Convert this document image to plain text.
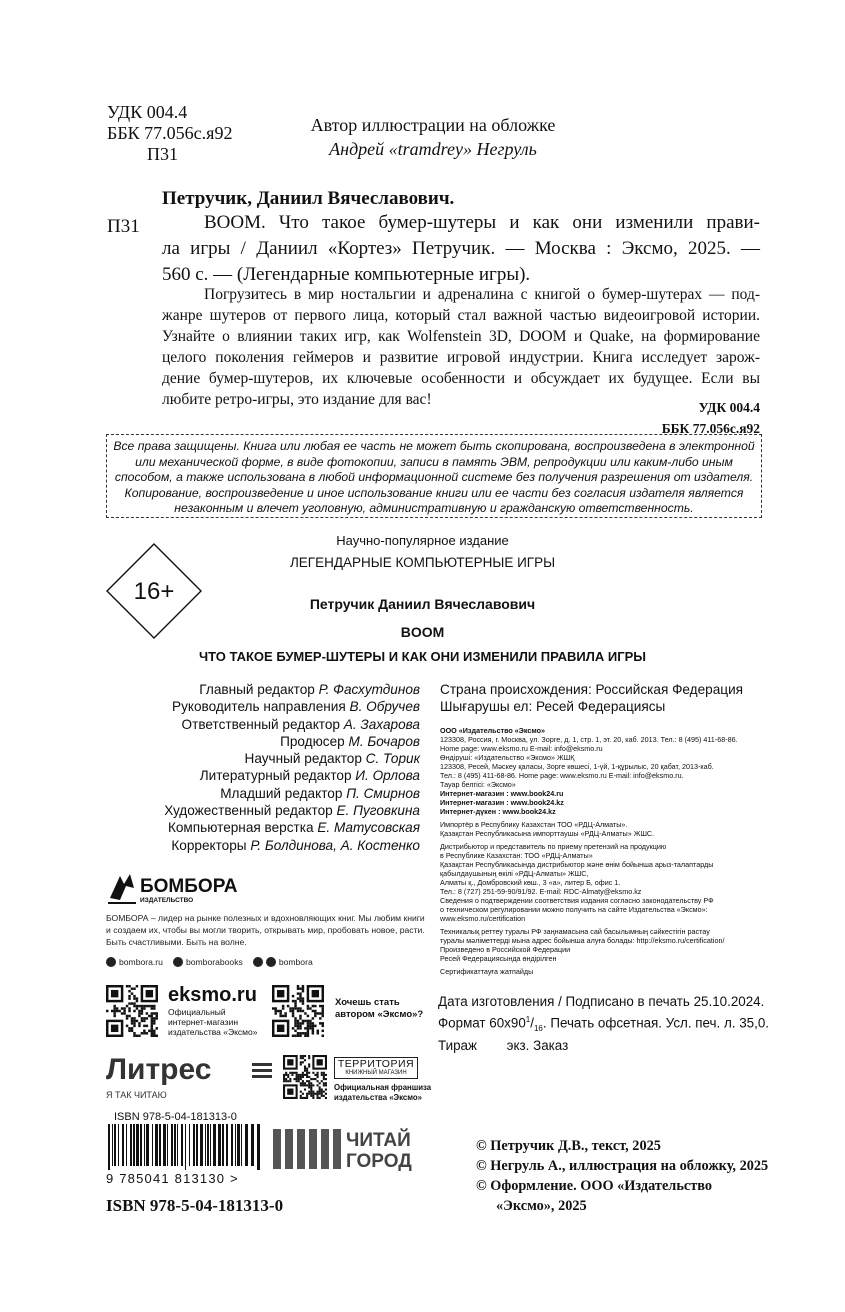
УДК 004.4
ББК 77.056с.я92
П31
Автор иллюстрации на обложке
Андрей «tramdrey» Негруль
Петручик, Даниил Вячеславович.
П31	BOOM. Что такое бумер-шутеры и как они изменили прави-
ла игры / Даниил «Кортез» Петручик. — Москва : Эксмо, 2025. —
560 с. — (Легендарные компьютерные игры).
Погрузитесь в мир ностальгии и адреналина с книгой о бумер-шутерах — под-
жанре шутеров от первого лица, который стал важной частью видеоигровой истории.
Узнайте о влиянии таких игр, как Wolfenstein 3D, DOOM и Quake, на формирование
целого поколения геймеров и развитие игровой индустрии. Книга исследует зарож-
дение бумер-шутеров, их ключевые особенности и обсуждает их будущее. Если вы
любите ретро-игры, это издание для вас!	УДК 004.4
ББК 77.056с.я92
Все права защищены. Книга или любая ее часть не может быть скопирована, воспроизведена в электронной или механической форме, в виде фотокопии, записи в память ЭВМ, репродукции или каким-либо иным способом, а также использована в любой информационной системе без получения разрешения от издателя. Копирование, воспроизведение и иное использование книги или ее части без согласия издателя является незаконным и влечет уголовную, административную и гражданскую ответственность.
16+
Научно-популярное издание
ЛЕГЕНДАРНЫЕ КОМПЬЮТЕРНЫЕ ИГРЫ
Петручик Даниил Вячеславович
BOOM
ЧТО ТАКОЕ БУМЕР-ШУТЕРЫ И КАК ОНИ ИЗМЕНИЛИ ПРАВИЛА ИГРЫ
Главный редактор Р. Фасхутдинов
Руководитель направления В. Обручев
Ответственный редактор А. Захарова
Продюсер М. Бочаров
Научный редактор С. Торик
Литературный редактор И. Орлова
Младший редактор П. Смирнов
Художественный редактор Е. Пуговкина
Компьютерная верстка Е. Матусовская
Корректоры Р. Болдинова, А. Костенко
Страна происхождения: Российская Федерация
Шығарушы ел: Ресей Федерациясы
ООО «Издательство «Эксмо»
123308, Россия, г. Москва, ул. Зорге, д. 1, стр. 1, эт. 20, каб. 2013. Тел.: 8 (495) 411-68-86.
Home page: www.eksmo.ru E-mail: info@eksmo.ru
Өндіруші: «Издательство «Эксмо» ЖШҚ
123308, Ресей, Мәскеу қаласы, Зорге көшесі, 1-үй, 1-құрылыс, 20 қабат, 2013-каб.
Тел.: 8 (495) 411-68-86. Home page: www.eksmo.ru E-mail: info@eksmo.ru.
Тауар белгісі: «Эксмо»
Интернет-магазин : www.book24.ru
Интернет-магазин : www.book24.kz
Интернет-дүкен : www.book24.kz
Импортёр в Республику Казахстан ТОО «РДЦ-Алматы».
Қазақстан Республикасына импорттаушы «РДЦ-Алматы» ЖШС.
Дистрибьютор и представитель по приему претензий на продукцию
в Республике Казахстан: ТОО «РДЦ-Алматы»
Қазақстан Республикасында дистрибьютор және өнім бойынша арыз-талаптарды
қабылдаушының өкілі «РДЦ-Алматы» ЖШС,
Алматы қ., Домбровский көш., 3 «а», литер Б, офис 1.
Тел.: 8 (727) 251-59-90/91/92. E-mail: RDC-Almaty@eksmo.kz
Сведения о подтверждении соответствия издания согласно законодательству РФ
о техническом регулировании можно получить на сайте Издательства «Эксмо»:
www.eksmo.ru/certification
Техникалық реттеу туралы РФ заңнамасына сай басылымның сәйкестігін растау
туралы мәліметтерді мына адрес бойынша алуға болады: http://eksmo.ru/certification/
Произведено в Российской Федерации
Ресей Федерациясында өндірілген
Сертификаттауға жатпайды
БОМБОРА
ИЗДАТЕЛЬСТВО
БОМБОРА – лидер на рынке полезных и вдохновляющих книг. Мы любим книги и создаем их, чтобы вы могли творить, открывать мир, пробовать новое, расти. Быть счастливыми. Быть на волне.
bombora.ru	bomborabooks	bombora
eksmo.ru
Официальный
интернет-магазин
издательства «Эксмо»
Хочешь стать
автором «Эксмо»?
Дата изготовления / Подписано в печать 25.10.2024.
Формат $60х90^1/_{16}$. Печать офсетная. Усл. печ. л. 35,0.
Тираж        экз. Заказ
Литрес
Я ТАК ЧИТАЮ
ТЕРРИТОРИЯ
КНИЖНЫЙ МАГАЗИН
Официальная франшиза
издательства «Эксмо»
ISBN 978-5-04-181313-0
9 785041 813130 >
ISBN 978-5-04-181313-0
ЧИТАЙ
ГОРОД
© Петручик Д.В., текст, 2025
© Негруль А., иллюстрация на обложку, 2025
© Оформление. ООО «Издательство
«Эксмо», 2025
